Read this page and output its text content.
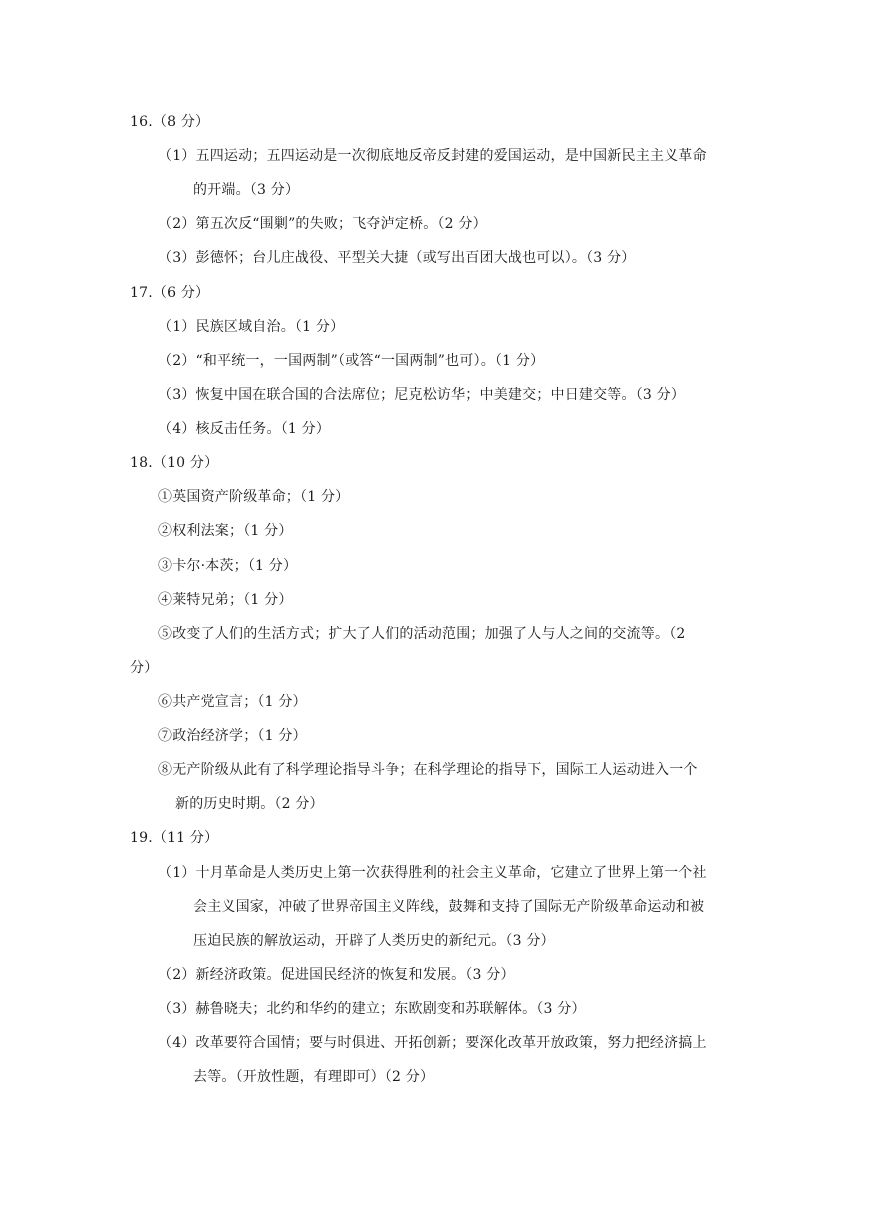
16.（8 分）
（1）五四运动；五四运动是一次彻底地反帝反封建的爱国运动，是中国新民主主义革命
的开端。（3 分）
（2）第五次反“围剿”的失败；飞夺泸定桥。（2 分）
（3）彭德怀；台儿庄战役、平型关大捷（或写出百团大战也可以）。（3 分）
17.（6 分）
（1）民族区域自治。（1 分）
（2）“和平统一，一国两制”（或答“一国两制”也可）。（1 分）
（3）恢复中国在联合国的合法席位；尼克松访华；中美建交；中日建交等。（3 分）
（4）核反击任务。（1 分）
18.（10 分）
①英国资产阶级革命；（1 分）
②权利法案；（1 分）
③卡尔·本茨；（1 分）
④莱特兄弟；（1 分）
⑤改变了人们的生活方式；扩大了人们的活动范围；加强了人与人之间的交流等。（2
分）
⑥共产党宣言；（1 分）
⑦政治经济学；（1 分）
⑧无产阶级从此有了科学理论指导斗争；在科学理论的指导下，国际工人运动进入一个
新的历史时期。（2 分）
19.（11 分）
（1）十月革命是人类历史上第一次获得胜利的社会主义革命，它建立了世界上第一个社
会主义国家，冲破了世界帝国主义阵线，鼓舞和支持了国际无产阶级革命运动和被
压迫民族的解放运动，开辟了人类历史的新纪元。（3 分）
（2）新经济政策。促进国民经济的恢复和发展。（3 分）
（3）赫鲁晓夫；北约和华约的建立；东欧剧变和苏联解体。（3 分）
（4）改革要符合国情；要与时俱进、开拓创新；要深化改革开放政策，努力把经济搞上
去等。（开放性题，有理即可）（2 分）
